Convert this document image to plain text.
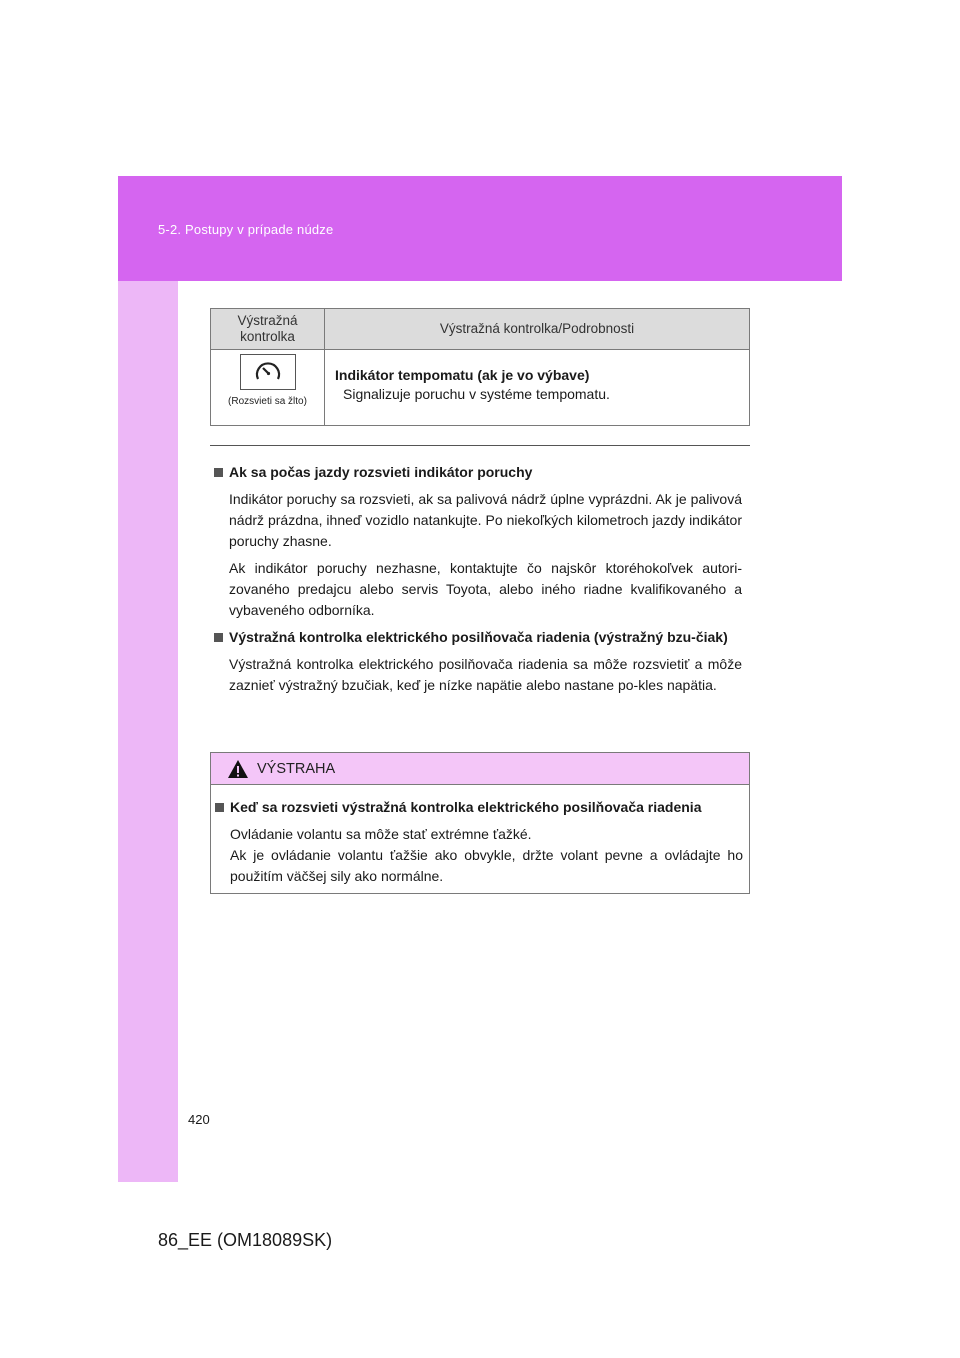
5-2. Postupy v prípade núdze
Výstražná kontrolka	Výstražná kontrolka/Podrobnosti

(Rozsvieti sa žlto)	Indikátor tempomatu (ak je vo výbave)
Signalizuje poruchu v systéme tempomatu.
Ak sa počas jazdy rozsvieti indikátor poruchy

Indikátor poruchy sa rozsvieti, ak sa palivová nádrž úplne vyprázdni. Ak je palivová nádrž prázdna, ihneď vozidlo natankujte. Po niekoľkých kilometroch jazdy indikátor poruchy zhasne.

Ak indikátor poruchy nezhasne, kontaktujte čo najskôr ktoréhokoľvek autori-zovaného predajcu alebo servis Toyota, alebo iného riadne kvalifikovaného a vybaveného odborníka.

Výstražná kontrolka elektrického posilňovača riadenia (výstražný bzu-čiak)

Výstražná kontrolka elektrického posilňovača riadenia sa môže rozsvietiť a môže zaznieť výstražný bzučiak, keď je nízke napätie alebo nastane po-kles napätia.

VÝSTRAHA
Keď sa rozsvieti výstražná kontrolka elektrického posilňovača riadenia

Ovládanie volantu sa môže stať extrémne ťažké.

Ak je ovládanie volantu ťažšie ako obvykle, držte volant pevne a ovládajte ho použitím väčšej sily ako normálne.

420
86_EE (OM18089SK)
